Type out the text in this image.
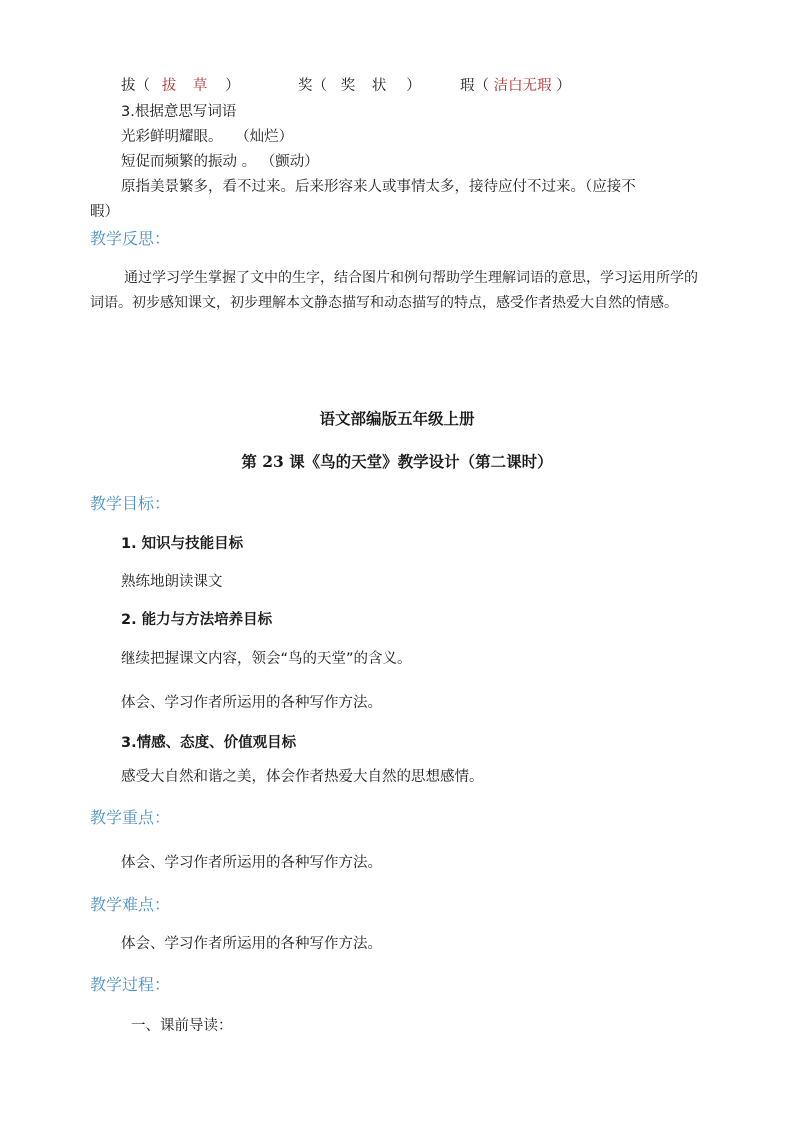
拔（ 拔 草 ）	奖（ 奖 状 ）	瑕（ 洁白无瑕 ）
3.根据意思写词语
光彩鲜明耀眼。 （灿烂）
短促而频繁的振动 。 （颤动）
原指美景繁多，看不过来。后来形容来人或事情太多，接待应付不过来。（应接不
暇）
教学反思：
通过学习学生掌握了文中的生字，结合图片和例句帮助学生理解词语的意思，学习运用所学的词语。初步感知课文，初步理解本文静态描写和动态描写的特点，感受作者热爱大自然的情感。
语文部编版五年级上册
第 23 课《鸟的天堂》教学设计（第二课时）
教学目标：
1. 知识与技能目标
熟练地朗读课文
2. 能力与方法培养目标
继续把握课文内容，领会“鸟的天堂”的含义。
体会、学习作者所运用的各种写作方法。
3.情感、态度、价值观目标
感受大自然和谐之美，体会作者热爱大自然的思想感情。
教学重点：
体会、学习作者所运用的各种写作方法。
教学难点：
体会、学习作者所运用的各种写作方法。
教学过程：
一、课前导读：
